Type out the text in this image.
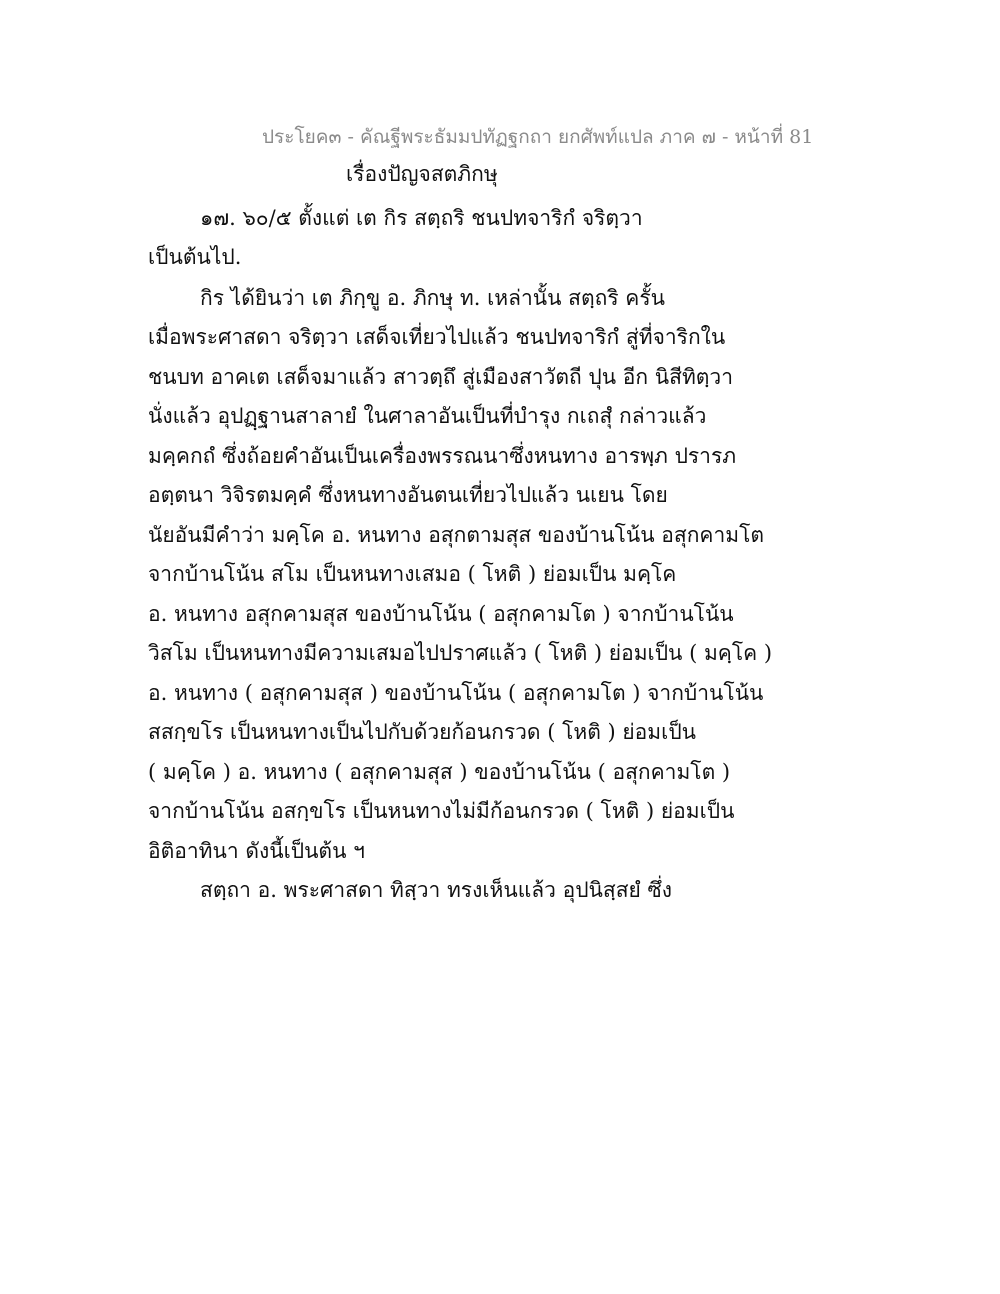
ประโยค๓ - คัณฐีพระธัมมปทัฏฐกถา ยกศัพท์แปล ภาค ๗ - หน้าที่ 81
เรื่องปัญจสตภิกษุ
๑๗. ๖๐/๕ ตั้งแต่ เต กิร สตฺถริ ชนปทจาริกํ จริตฺวา
เป็นต้นไป.
กิร ได้ยินว่า เต ภิกฺขู อ. ภิกษุ ท. เหล่านั้น สตฺถริ ครั้น
เมื่อพระศาสดา จริตฺวา เสด็จเที่ยวไปแล้ว ชนปทจาริกํ สู่ที่จาริกใน
ชนบท อาคเต เสด็จมาแล้ว สาวตฺถึ สู่เมืองสาวัตถี ปุน อีก นิสีทิตฺวา
นั่งแล้ว อุปฏฺฐานสาลายํ ในศาลาอันเป็นที่บำรุง กเถสุํ กล่าวแล้ว
มคฺคกถํ ซึ่งถ้อยคำอันเป็นเครื่องพรรณนาซึ่งหนทาง อารพฺภ ปรารภ
อตฺตนา วิจิรตมคฺคํ ซึ่งหนทางอันตนเที่ยวไปแล้ว นเยน โดย
นัยอันมีคำว่า มคฺโค อ. หนทาง อสุกตามสุส ของบ้านโน้น อสุกคามโต
จากบ้านโน้น สโม เป็นหนทางเสมอ ( โหติ ) ย่อมเป็น มคฺโค
อ. หนทาง อสุกคามสุส ของบ้านโน้น ( อสุกคามโต ) จากบ้านโน้น
วิสโม เป็นหนทางมีความเสมอไปปราศแล้ว ( โหติ ) ย่อมเป็น ( มคฺโค )
อ. หนทาง ( อสุกคามสุส ) ของบ้านโน้น ( อสุกคามโต ) จากบ้านโน้น
สสกฺขโร เป็นหนทางเป็นไปกับด้วยก้อนกรวด ( โหติ ) ย่อมเป็น
( มคฺโค ) อ. หนทาง ( อสุกคามสุส ) ของบ้านโน้น ( อสุกคามโต )
จากบ้านโน้น อสกฺขโร เป็นหนทางไม่มีก้อนกรวด ( โหติ ) ย่อมเป็น
อิติอาทินา ดังนี้เป็นต้น ฯ
สตฺถา อ. พระศาสดา ทิสฺวา ทรงเห็นแล้ว อุปนิสฺสยํ ซึ่ง
